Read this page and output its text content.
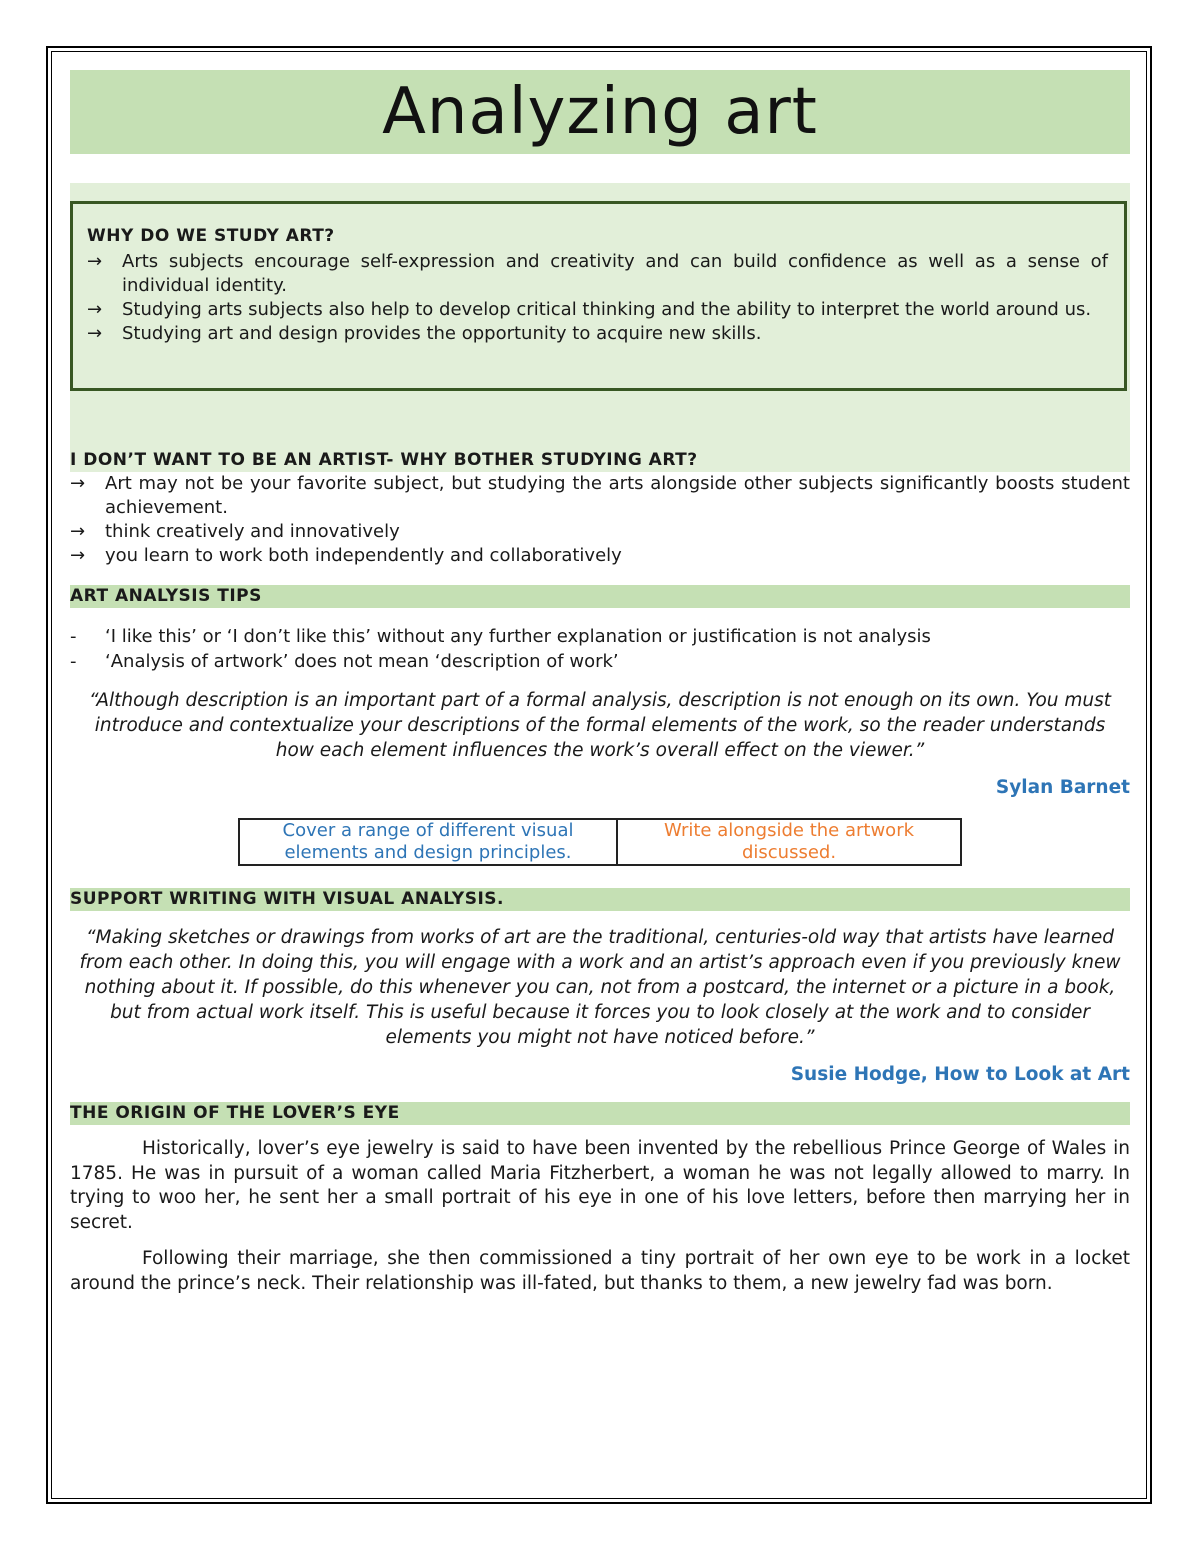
Analyzing art
WHY DO WE STUDY ART?
→ Arts subjects encourage self-expression and creativity and can build confidence as well as a sense of individual identity.
→ Studying arts subjects also help to develop critical thinking and the ability to interpret the world around us.
→ Studying art and design provides the opportunity to acquire new skills.
I DON’T WANT TO BE AN ARTIST- WHY BOTHER STUDYING ART?
→ Art may not be your favorite subject, but studying the arts alongside other subjects significantly boosts student achievement.
→ think creatively and innovatively
→ you learn to work both independently and collaboratively
ART ANALYSIS TIPS
- ‘I like this’ or ‘I don’t like this’ without any further explanation or justification is not analysis
- ‘Analysis of artwork’ does not mean ‘description of work’
“Although description is an important part of a formal analysis, description is not enough on its own. You must introduce and contextualize your descriptions of the formal elements of the work, so the reader understands how each element influences the work’s overall effect on the viewer.”
Sylan Barnet
Cover a range of different visual elements and design principles.	Write alongside the artwork discussed.
SUPPORT WRITING WITH VISUAL ANALYSIS.
“Making sketches or drawings from works of art are the traditional, centuries-old way that artists have learned from each other. In doing this, you will engage with a work and an artist’s approach even if you previously knew nothing about it. If possible, do this whenever you can, not from a postcard, the internet or a picture in a book, but from actual work itself. This is useful because it forces you to look closely at the work and to consider elements you might not have noticed before.”
Susie Hodge, How to Look at Art
THE ORIGIN OF THE LOVER’S EYE

Historically, lover’s eye jewelry is said to have been invented by the rebellious Prince George of Wales in 1785. He was in pursuit of a woman called Maria Fitzherbert, a woman he was not legally allowed to marry. In trying to woo her, he sent her a small portrait of his eye in one of his love letters, before then marrying her in secret.

Following their marriage, she then commissioned a tiny portrait of her own eye to be work in a locket around the prince’s neck. Their relationship was ill-fated, but thanks to them, a new jewelry fad was born.
